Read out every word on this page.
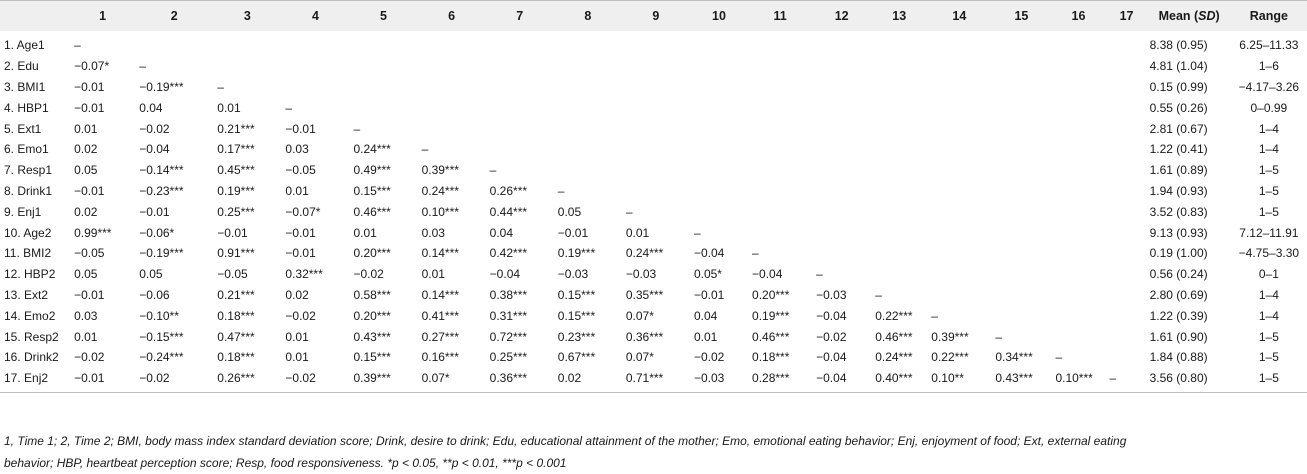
	1	2	3	4	5	6	7	8	9	10	11	12	13	14	15	16	17	Mean (SD)	Range
1. Age1	–																	8.38 (0.95)	6.25–11.33
2. Edu	−0.07*	–																4.81 (1.04)	1–6
3. BMI1	−0.01	−0.19***	–															0.15 (0.99)	−4.17–3.26
4. HBP1	−0.01	0.04	0.01	–														0.55 (0.26)	0–0.99
5. Ext1	0.01	−0.02	0.21***	−0.01	–													2.81 (0.67)	1–4
6. Emo1	0.02	−0.04	0.17***	0.03	0.24***	–												1.22 (0.41)	1–4
7. Resp1	0.05	−0.14***	0.45***	−0.05	0.49***	0.39***	–											1.61 (0.89)	1–5
8. Drink1	−0.01	−0.23***	0.19***	0.01	0.15***	0.24***	0.26***	–										1.94 (0.93)	1–5
9. Enj1	0.02	−0.01	0.25***	−0.07*	0.46***	0.10***	0.44***	0.05	–									3.52 (0.83)	1–5
10. Age2	0.99***	−0.06*	−0.01	−0.01	0.01	0.03	0.04	−0.01	0.01	–								9.13 (0.93)	7.12–11.91
11. BMI2	−0.05	−0.19***	0.91***	−0.01	0.20***	0.14***	0.42***	0.19***	0.24***	−0.04	–							0.19 (1.00)	−4.75–3.30
12. HBP2	0.05	0.05	−0.05	0.32***	−0.02	0.01	−0.04	−0.03	−0.03	0.05*	−0.04	–						0.56 (0.24)	0–1
13. Ext2	−0.01	−0.06	0.21***	0.02	0.58***	0.14***	0.38***	0.15***	0.35***	−0.01	0.20***	−0.03	–					2.80 (0.69)	1–4
14. Emo2	0.03	−0.10**	0.18***	−0.02	0.20***	0.41***	0.31***	0.15***	0.07*	0.04	0.19***	−0.04	0.22***	–				1.22 (0.39)	1–4
15. Resp2	0.01	−0.15***	0.47***	0.01	0.43***	0.27***	0.72***	0.23***	0.36***	0.01	0.46***	−0.02	0.46***	0.39***	–			1.61 (0.90)	1–5
16. Drink2	−0.02	−0.24***	0.18***	0.01	0.15***	0.16***	0.25***	0.67***	0.07*	−0.02	0.18***	−0.04	0.24***	0.22***	0.34***	–		1.84 (0.88)	1–5
17. Enj2	−0.01	−0.02	0.26***	−0.02	0.39***	0.07*	0.36***	0.02	0.71***	−0.03	0.28***	−0.04	0.40***	0.10**	0.43***	0.10***	–	3.56 (0.80)	1–5
1, Time 1; 2, Time 2; BMI, body mass index standard deviation score; Drink, desire to drink; Edu, educational attainment of the mother; Emo, emotional eating behavior; Enj, enjoyment of food; Ext, external eating
behavior; HBP, heartbeat perception score; Resp, food responsiveness. *p < 0.05, **p < 0.01, ***p < 0.001
